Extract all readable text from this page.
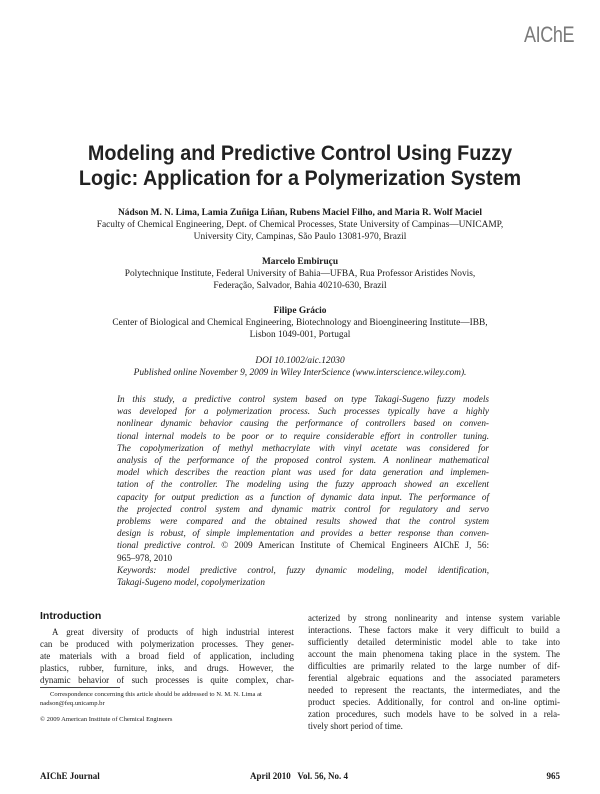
AIChE
Modeling and Predictive Control Using Fuzzy
Logic: Application for a Polymerization System
Nádson M. N. Lima, Lamia Zuñiga Liñan, Rubens Maciel Filho, and Maria R. Wolf Maciel
Faculty of Chemical Engineering, Dept. of Chemical Processes, State University of Campinas—UNICAMP,
University City, Campinas, São Paulo 13081-970, Brazil
Marcelo Embiruçu
Polytechnique Institute, Federal University of Bahia—UFBA, Rua Professor Aristides Novis,
Federação, Salvador, Bahia 40210-630, Brazil
Filipe Grácio
Center of Biological and Chemical Engineering, Biotechnology and Bioengineering Institute—IBB,
Lisbon 1049-001, Portugal
DOI 10.1002/aic.12030
Published online November 9, 2009 in Wiley InterScience (www.interscience.wiley.com).
In this study, a predictive control system based on type Takagi-Sugeno fuzzy models
was developed for a polymerization process. Such processes typically have a highly
nonlinear dynamic behavior causing the performance of controllers based on conven-
tional internal models to be poor or to require considerable effort in controller tuning.
The copolymerization of methyl methacrylate with vinyl acetate was considered for
analysis of the performance of the proposed control system. A nonlinear mathematical
model which describes the reaction plant was used for data generation and implemen-
tation of the controller. The modeling using the fuzzy approach showed an excellent
capacity for output prediction as a function of dynamic data input. The performance of
the projected control system and dynamic matrix control for regulatory and servo
problems were compared and the obtained results showed that the control system
design is robust, of simple implementation and provides a better response than conven-
tional predictive control. © 2009 American Institute of Chemical Engineers AIChE J, 56:
965–978, 2010
Keywords: model predictive control, fuzzy dynamic modeling, model identification,
Takagi-Sugeno model, copolymerization
Introduction
A great diversity of products of high industrial interest
can be produced with polymerization processes. They gener-
ate materials with a broad field of application, including
plastics, rubber, furniture, inks, and drugs. However, the
dynamic behavior of such processes is quite complex, char-
Correspondence concerning this article should be addressed to N. M. N. Lima at
nadson@feq.unicamp.br
© 2009 American Institute of Chemical Engineers
acterized by strong nonlinearity and intense system variable
interactions. These factors make it very difficult to build a
sufficiently detailed deterministic model able to take into
account the main phenomena taking place in the system. The
difficulties are primarily related to the large number of dif-
ferential algebraic equations and the associated parameters
needed to represent the reactants, the intermediates, and the
product species. Additionally, for control and on-line optimi-
zation procedures, such models have to be solved in a rela-
tively short period of time.
AIChE Journal	April 2010   Vol. 56, No. 4	965
